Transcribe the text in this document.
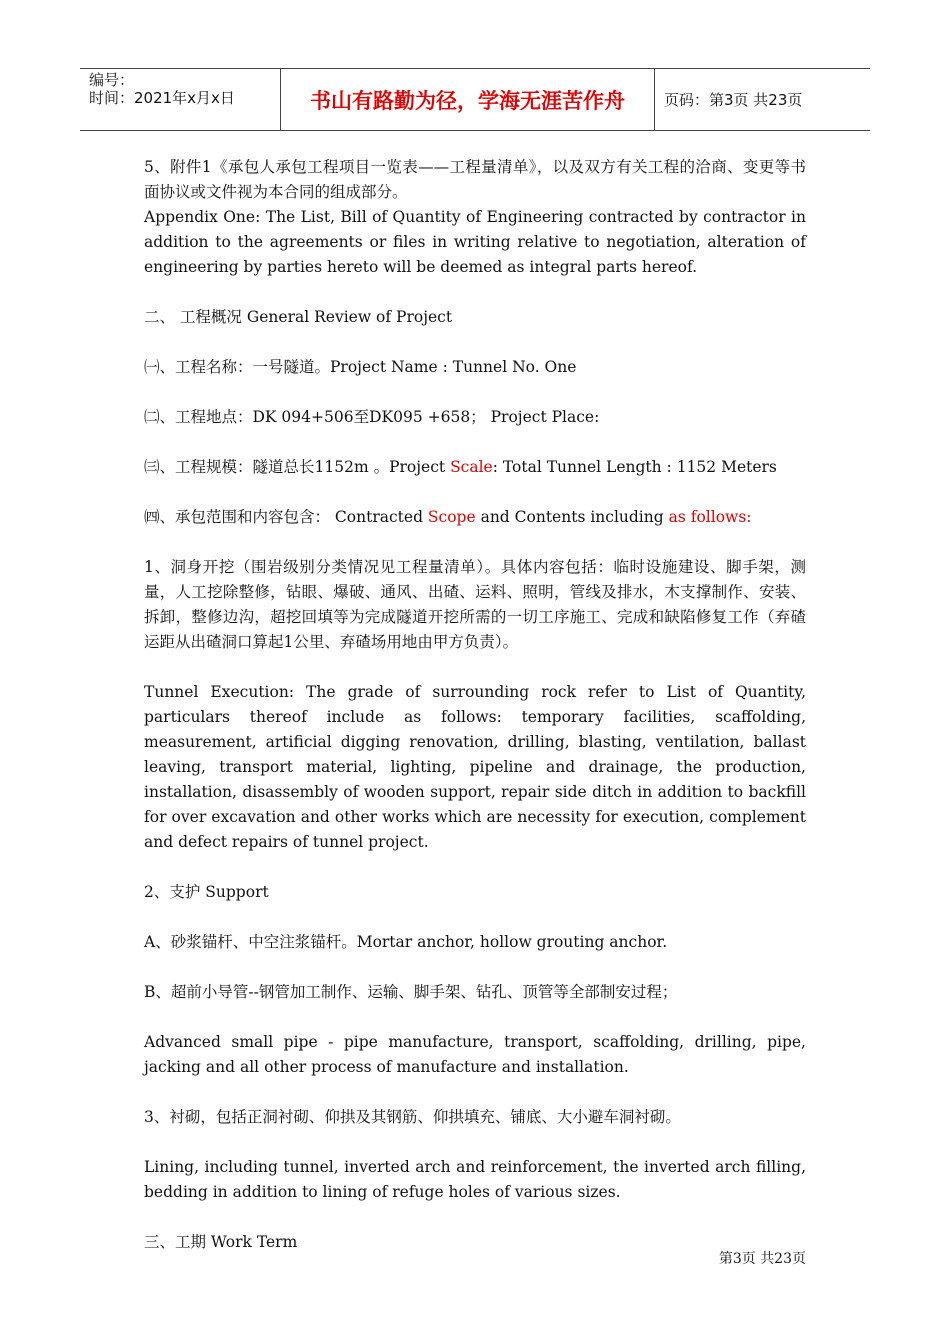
编号：
时间：2021年x月x日	书山有路勤为径，学海无涯苦作舟	页码：第3页 共23页

5、附件1《承包人承包工程项目一览表——工程量清单》，以及双方有关工程的洽商、变更等书面协议或文件视为本合同的组成部分。

Appendix One: The List, Bill of Quantity of Engineering contracted by contractor in addition to the agreements or files in writing relative to negotiation, alteration of engineering by parties hereto will be deemed as integral parts hereof.

二、 工程概况 General Review of Project

㈠、工程名称：一号隧道。Project Name : Tunnel No. One

㈡、工程地点：DK 094+506至DK095 +658； Project Place:

㈢、工程规模：隧道总长1152m 。Project Scale: Total Tunnel Length : 1152 Meters

㈣、承包范围和内容包含： Contracted Scope and Contents including as follows:

1、洞身开挖（围岩级别分类情况见工程量清单）。具体内容包括：临时设施建设、脚手架，测量，人工挖除整修，钻眼、爆破、通风、出碴、运料、照明，管线及排水，木支撑制作、安装、拆卸，整修边沟，超挖回填等为完成隧道开挖所需的一切工序施工、完成和缺陷修复工作（弃碴运距从出碴洞口算起1公里、弃碴场用地由甲方负责）。

Tunnel Execution: The grade of surrounding rock refer to List of Quantity, particulars thereof include as follows: temporary facilities, scaffolding, measurement, artificial digging renovation, drilling, blasting, ventilation, ballast leaving, transport material, lighting, pipeline and drainage, the production, installation, disassembly of wooden support, repair side ditch in addition to backfill for over excavation and other works which are necessity for execution, complement and defect repairs of tunnel project.

2、支护 Support

A、砂浆锚杆、中空注浆锚杆。Mortar anchor, hollow grouting anchor.

B、超前小导管--钢管加工制作、运输、脚手架、钻孔、顶管等全部制安过程；

Advanced small pipe - pipe manufacture, transport, scaffolding, drilling, pipe, jacking and all other process of manufacture and installation.

3、衬砌，包括正洞衬砌、仰拱及其钢筋、仰拱填充、铺底、大小避车洞衬砌。

Lining, including tunnel, inverted arch and reinforcement, the inverted arch filling, bedding in addition to lining of refuge holes of various sizes.

三、工期 Work Term

第3页 共23页
